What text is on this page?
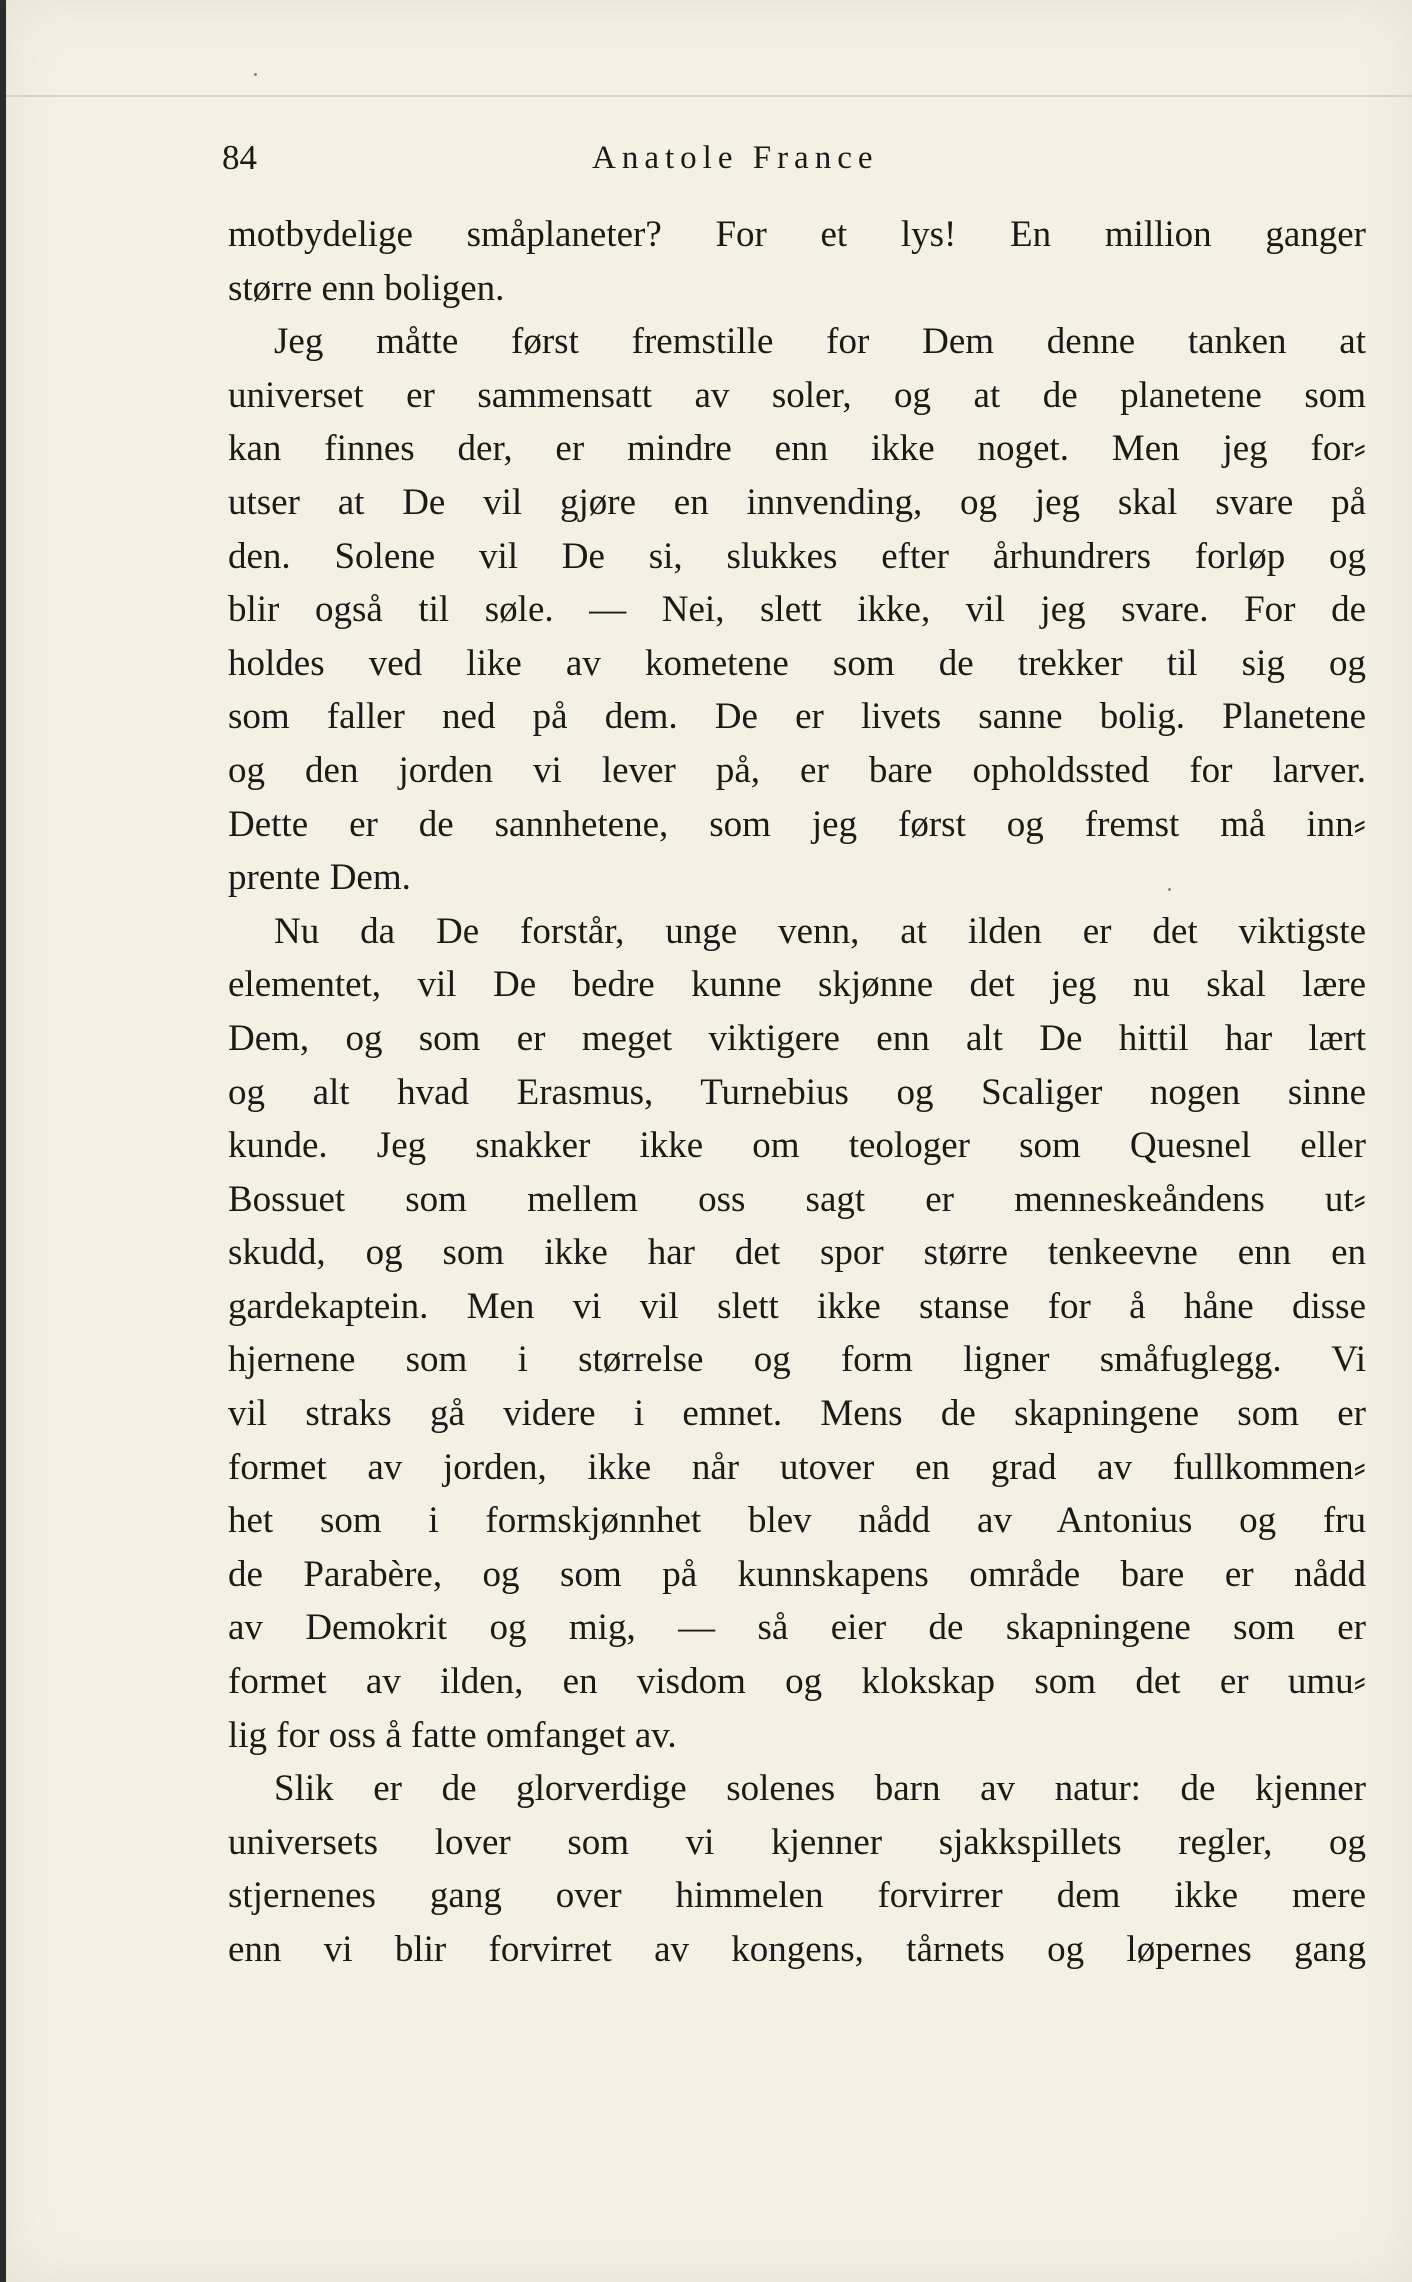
84	Anatole France
motbydelige småplaneter? For et lys! En million ganger
større enn boligen.
Jeg måtte først fremstille for Dem denne tanken at
universet er sammensatt av soler, og at de planetene som
kan finnes der, er mindre enn ikke noget. Men jeg for⸗
utser at De vil gjøre en innvending, og jeg skal svare på
den. Solene vil De si, slukkes efter århundrers forløp og
blir også til søle. — Nei, slett ikke, vil jeg svare. For de
holdes ved like av kometene som de trekker til sig og
som faller ned på dem. De er livets sanne bolig. Planetene
og den jorden vi lever på, er bare opholdssted for larver.
Dette er de sannhetene, som jeg først og fremst må inn⸗
prente Dem.
Nu da De forstår, unge venn, at ilden er det viktigste
elementet, vil De bedre kunne skjønne det jeg nu skal lære
Dem, og som er meget viktigere enn alt De hittil har lært
og alt hvad Erasmus, Turnebius og Scaliger nogen sinne
kunde. Jeg snakker ikke om teologer som Quesnel eller
Bossuet som mellem oss sagt er menneskeåndens ut⸗
skudd, og som ikke har det spor større tenkeevne enn en
gardekaptein. Men vi vil slett ikke stanse for å håne disse
hjernene som i størrelse og form ligner småfuglegg. Vi
vil straks gå videre i emnet. Mens de skapningene som er
formet av jorden, ikke når utover en grad av fullkommen⸗
het som i formskjønnhet blev nådd av Antonius og fru
de Parabère, og som på kunnskapens område bare er nådd
av Demokrit og mig, — så eier de skapningene som er
formet av ilden, en visdom og klokskap som det er umu⸗
lig for oss å fatte omfanget av.
Slik er de glorverdige solenes barn av natur: de kjenner
universets lover som vi kjenner sjakkspillets regler, og
stjernenes gang over himmelen forvirrer dem ikke mere
enn vi blir forvirret av kongens, tårnets og løpernes gang
